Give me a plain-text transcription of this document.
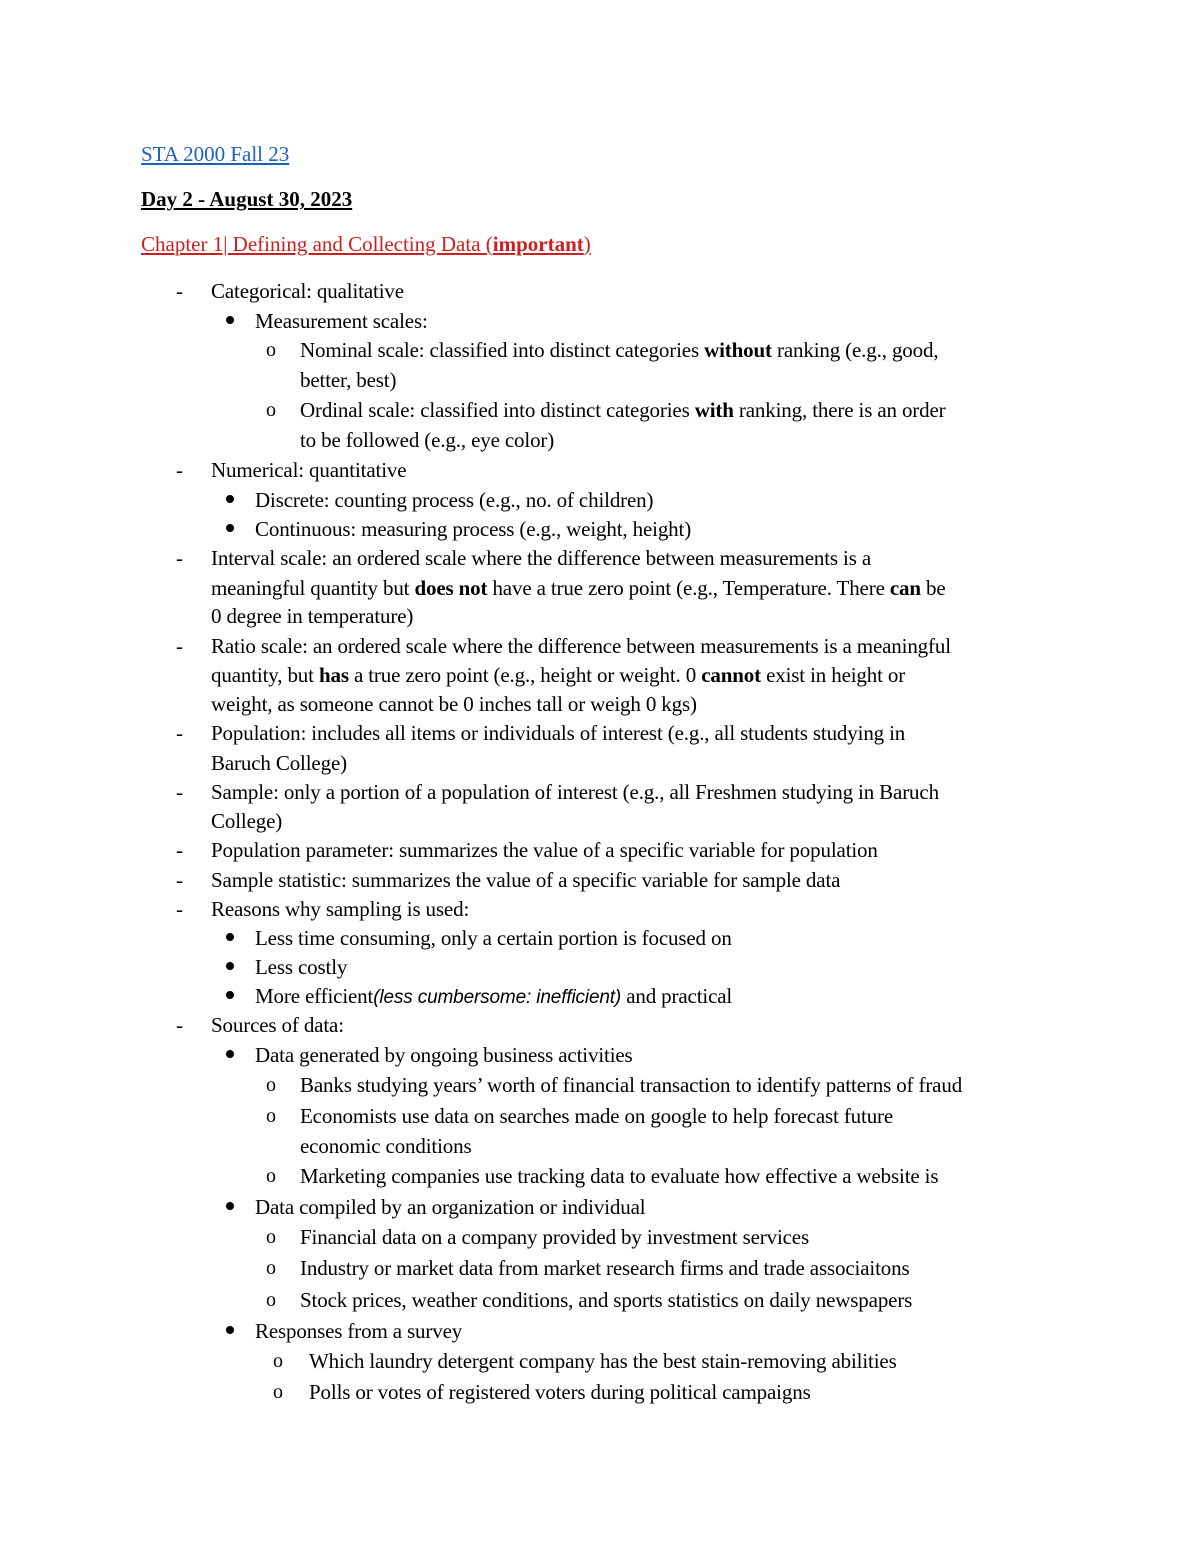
STA 2000 Fall 23
Day 2 - August 30, 2023
Chapter 1| Defining and Collecting Data (important)
- Categorical: qualitative
Measurement scales:
o Nominal scale: classified into distinct categories without ranking (e.g., good,
better, best)
o Ordinal scale: classified into distinct categories with ranking, there is an order
to be followed (e.g., eye color)
- Numerical: quantitative
Discrete: counting process (e.g., no. of children)
Continuous: measuring process (e.g., weight, height)
- Interval scale: an ordered scale where the difference between measurements is a
meaningful quantity but does not have a true zero point (e.g., Temperature. There can be
0 degree in temperature)
- Ratio scale: an ordered scale where the difference between measurements is a meaningful
quantity, but has a true zero point (e.g., height or weight. 0 cannot exist in height or
weight, as someone cannot be 0 inches tall or weigh 0 kgs)
- Population: includes all items or individuals of interest (e.g., all students studying in
Baruch College)
- Sample: only a portion of a population of interest (e.g., all Freshmen studying in Baruch
College)
- Population parameter: summarizes the value of a specific variable for population
- Sample statistic: summarizes the value of a specific variable for sample data
- Reasons why sampling is used:
Less time consuming, only a certain portion is focused on
Less costly
More efficient(less cumbersome: inefficient) and practical
- Sources of data:
Data generated by ongoing business activities
o Banks studying years’ worth of financial transaction to identify patterns of fraud
o Economists use data on searches made on google to help forecast future
economic conditions
o Marketing companies use tracking data to evaluate how effective a website is
Data compiled by an organization or individual
o Financial data on a company provided by investment services
o Industry or market data from market research firms and trade associaitons
o Stock prices, weather conditions, and sports statistics on daily newspapers
Responses from a survey
o Which laundry detergent company has the best stain-removing abilities
o Polls or votes of registered voters during political campaigns
